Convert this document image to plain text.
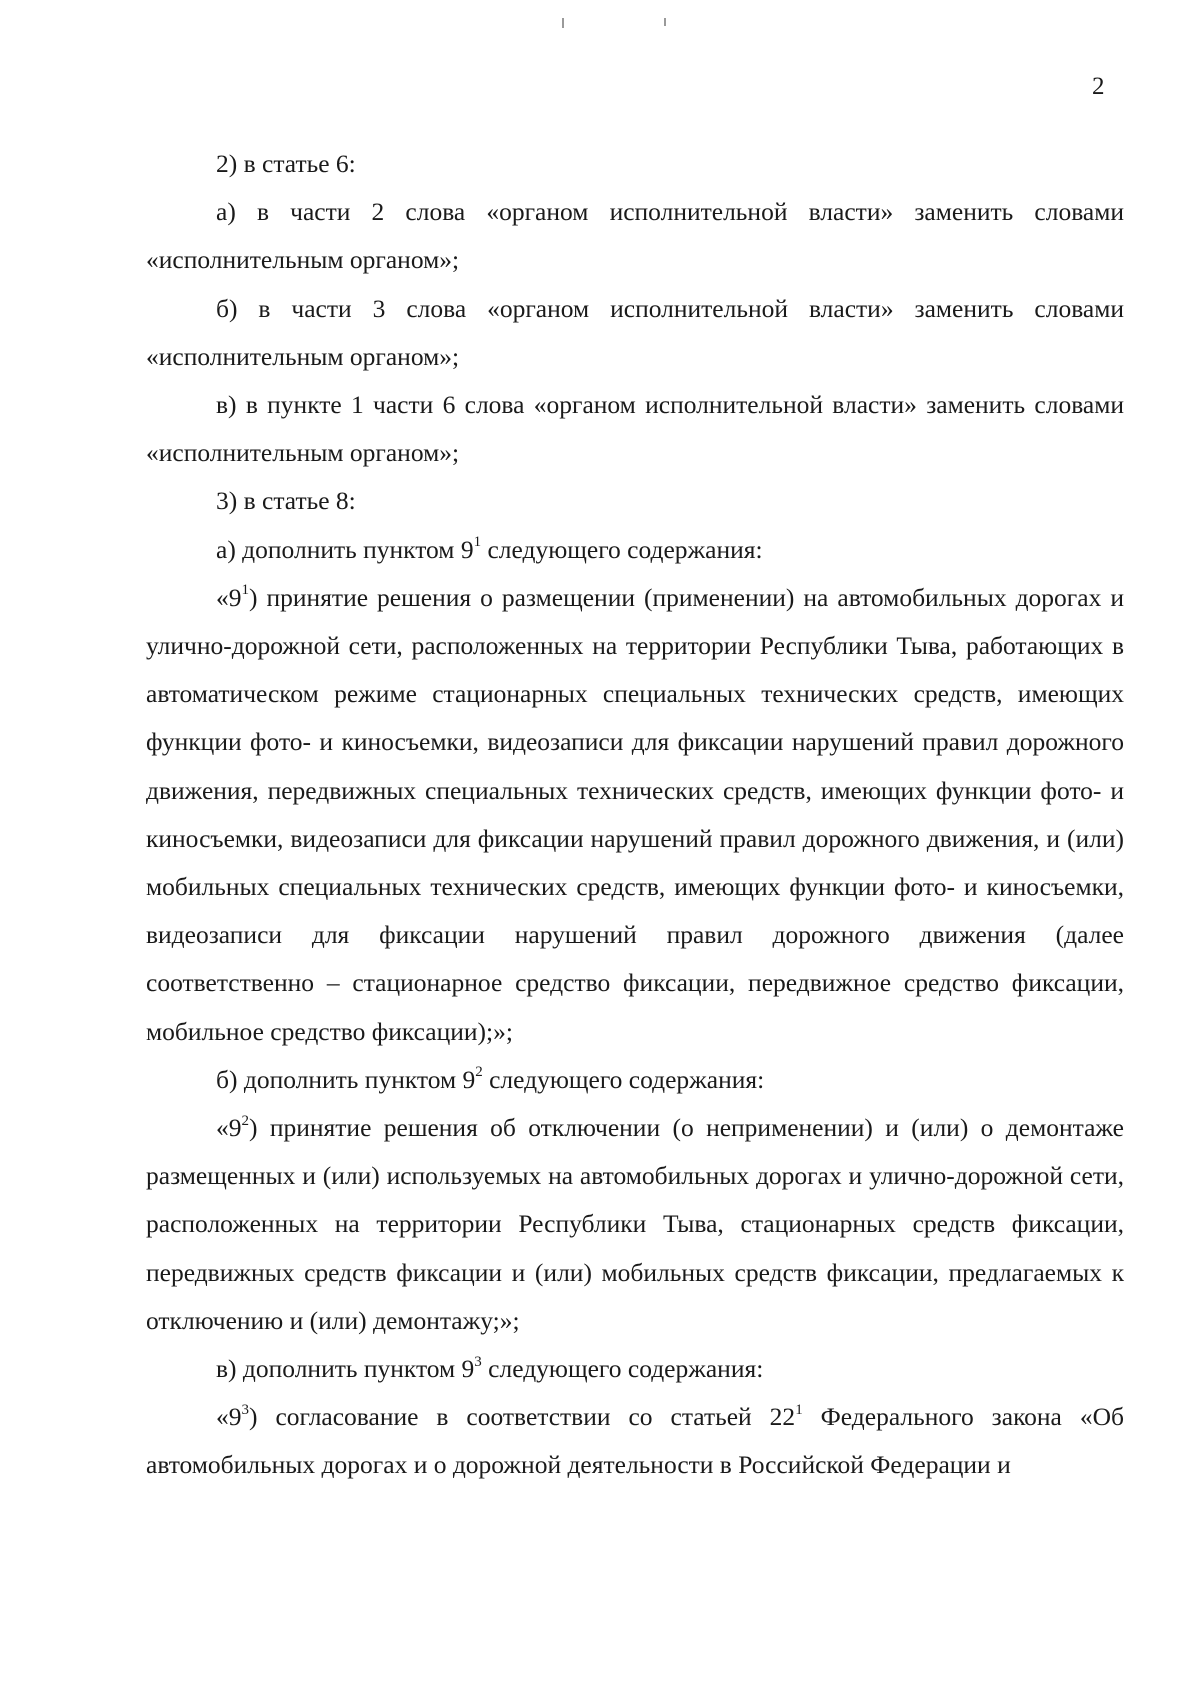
2

2) в статье 6:

а) в части 2 слова «органом исполнительной власти» заменить словами «исполнительным органом»;

б) в части 3 слова «органом исполнительной власти» заменить словами «исполнительным органом»;

в) в пункте 1 части 6 слова «органом исполнительной власти» заменить словами «исполнительным органом»;

3) в статье 8:

а) дополнить пунктом $9^1$ следующего содержания:

«$9^1$) принятие решения о размещении (применении) на автомобильных дорогах и улично-дорожной сети, расположенных на территории Республики Тыва, работающих в автоматическом режиме стационарных специальных технических средств, имеющих функции фото- и киносъемки, видеозаписи для фиксации нарушений правил дорожного движения, передвижных специальных технических средств, имеющих функции фото- и киносъемки, видеозаписи для фиксации нарушений правил дорожного движения, и (или) мобильных специальных технических средств, имеющих функции фото- и киносъемки, видеозаписи для фиксации нарушений правил дорожного движения (далее соответственно – стационарное средство фиксации, передвижное средство фиксации, мобильное средство фиксации);»;

б) дополнить пунктом $9^2$ следующего содержания:

«$9^2$) принятие решения об отключении (о неприменении) и (или) о демонтаже размещенных и (или) используемых на автомобильных дорогах и улично-дорожной сети, расположенных на территории Республики Тыва, стационарных средств фиксации, передвижных средств фиксации и (или) мобильных средств фиксации, предлагаемых к отключению и (или) демонтажу;»;

в) дополнить пунктом $9^3$ следующего содержания:

«$9^3$) согласование в соответствии со статьей $22^1$ Федерального закона «Об автомобильных дорогах и о дорожной деятельности в Российской Федерации и
